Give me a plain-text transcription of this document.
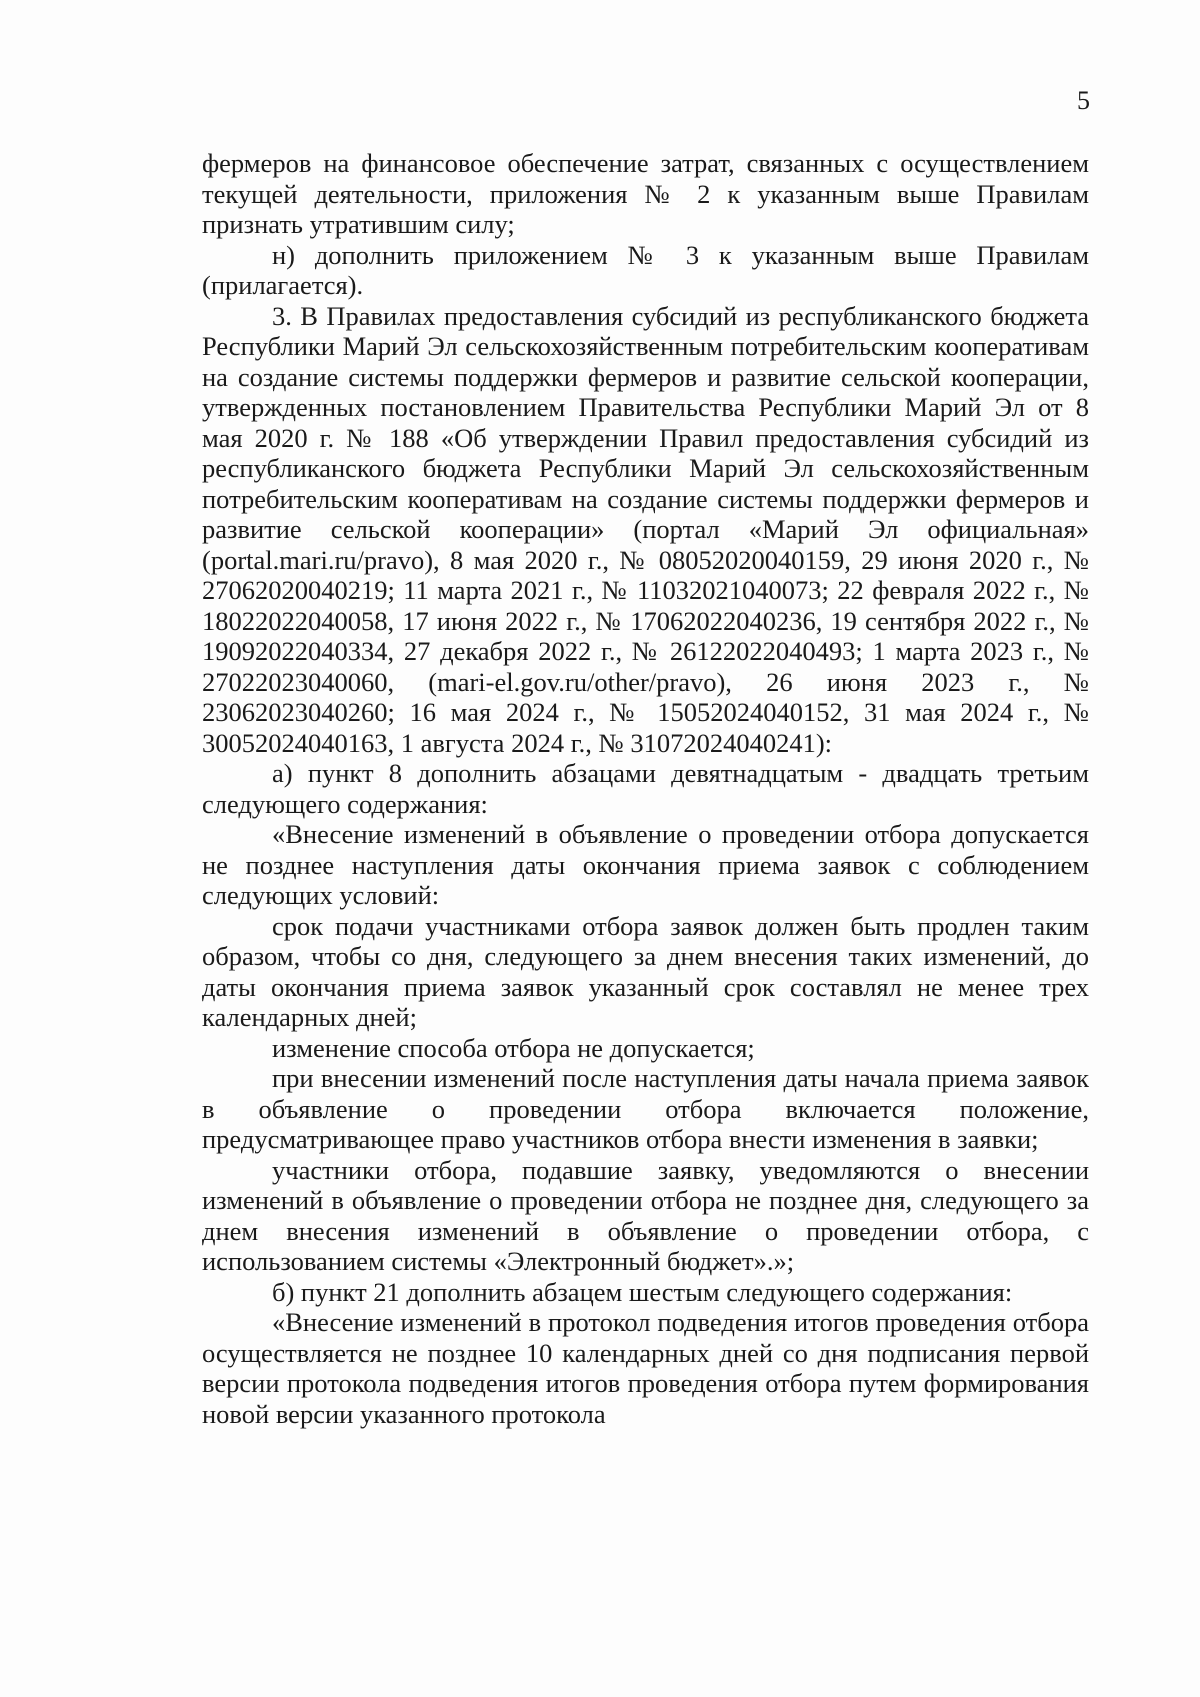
5

фермеров на финансовое обеспечение затрат, связанных с осуществлением текущей деятельности, приложения № 2 к указанным выше Правилам признать утратившим силу;

н) дополнить приложением № 3 к указанным выше Правилам (прилагается).

3. В Правилах предоставления субсидий из республиканского бюджета Республики Марий Эл сельскохозяйственным потребительским кооперативам на создание системы поддержки фермеров и развитие сельской кооперации, утвержденных постановлением Правительства Республики Марий Эл от 8 мая 2020 г. № 188 «Об утверждении Правил предоставления субсидий из республиканского бюджета Республики Марий Эл сельскохозяйственным потребительским кооперативам на создание системы поддержки фермеров и развитие сельской кооперации» (портал «Марий Эл официальная» (portal.mari.ru/pravo), 8 мая 2020 г., № 08052020040159, 29 июня 2020 г., № 27062020040219; 11 марта 2021 г., № 11032021040073; 22 февраля 2022 г., № 18022022040058, 17 июня 2022 г., № 17062022040236, 19 сентября 2022 г., № 19092022040334, 27 декабря 2022 г., № 26122022040493; 1 марта 2023 г., № 27022023040060, (mari-el.gov.ru/other/pravo), 26 июня 2023 г., № 23062023040260; 16 мая 2024 г., № 15052024040152, 31 мая 2024 г., № 30052024040163, 1 августа 2024 г., № 31072024040241):

а) пункт 8 дополнить абзацами девятнадцатым - двадцать третьим следующего содержания:

«Внесение изменений в объявление о проведении отбора допускается не позднее наступления даты окончания приема заявок с соблюдением следующих условий:

срок подачи участниками отбора заявок должен быть продлен таким образом, чтобы со дня, следующего за днем внесения таких изменений, до даты окончания приема заявок указанный срок составлял не менее трех календарных дней;

изменение способа отбора не допускается;

при внесении изменений после наступления даты начала приема заявок в объявление о проведении отбора включается положение, предусматривающее право участников отбора внести изменения в заявки;

участники отбора, подавшие заявку, уведомляются о внесении изменений в объявление о проведении отбора не позднее дня, следующего за днем внесения изменений в объявление о проведении отбора, с использованием системы «Электронный бюджет».»;

б) пункт 21 дополнить абзацем шестым следующего содержания:

«Внесение изменений в протокол подведения итогов проведения отбора осуществляется не позднее 10 календарных дней со дня подписания первой версии протокола подведения итогов проведения отбора путем формирования новой версии указанного протокола
